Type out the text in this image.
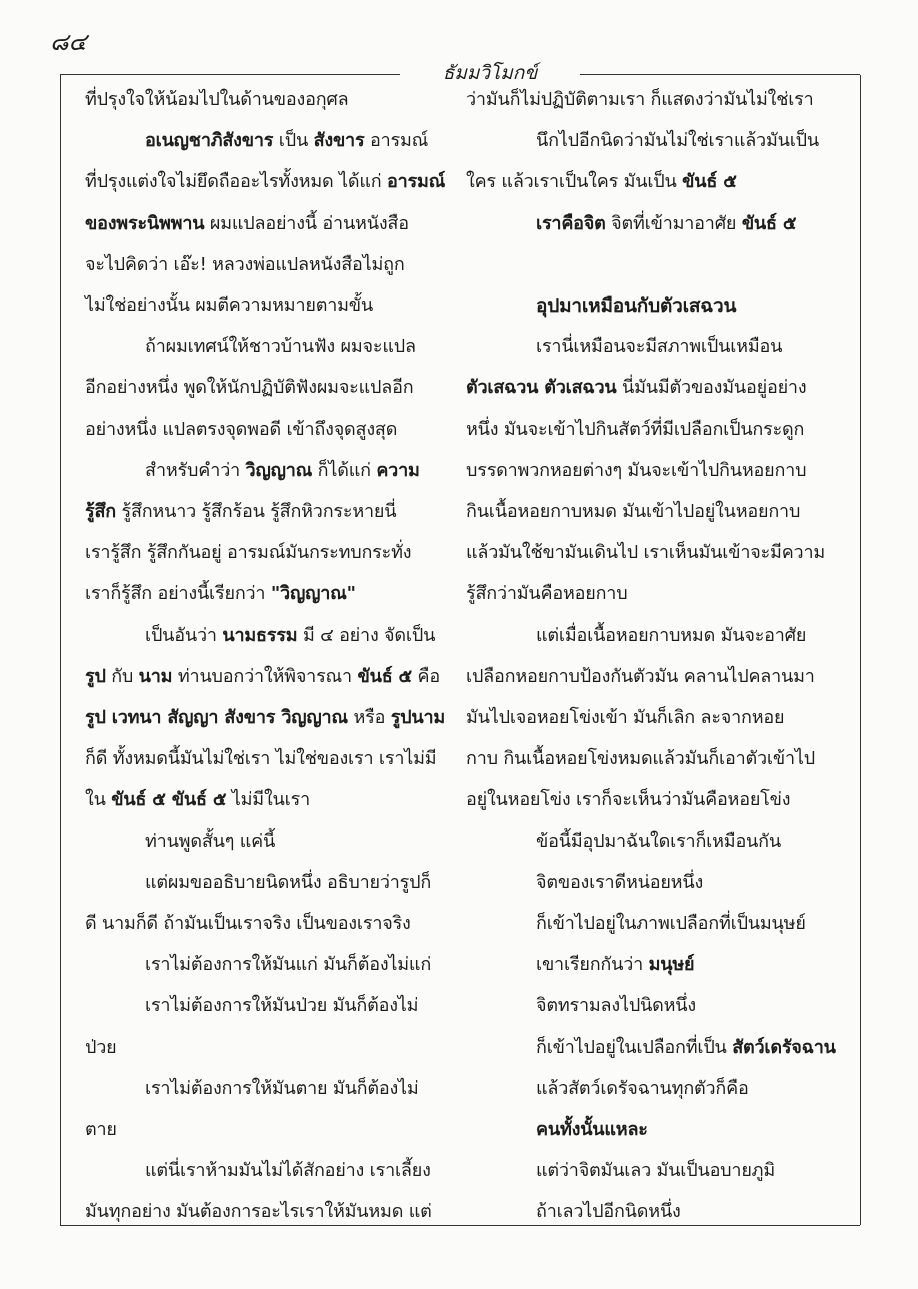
๘๔
ธัมมวิโมกข์
ที่ปรุงใจให้น้อมไปในด้านของอกุศล
อเนญชาภิสังขาร เป็น สังขาร อารมณ์
ที่ปรุงแต่งใจไม่ยึดถืออะไรทั้งหมด ได้แก่ อารมณ์
ของพระนิพพาน ผมแปลอย่างนี้ อ่านหนังสือ
จะไปคิดว่า เอ๊ะ! หลวงพ่อแปลหนังสือไม่ถูก
ไม่ใช่อย่างนั้น ผมตีความหมายตามขั้น
ถ้าผมเทศน์ให้ชาวบ้านฟัง ผมจะแปล
อีกอย่างหนึ่ง พูดให้นักปฏิบัติฟังผมจะแปลอีก
อย่างหนึ่ง แปลตรงจุดพอดี เข้าถึงจุดสูงสุด
สำหรับคำว่า วิญญาณ ก็ได้แก่ ความ
รู้สึก รู้สึกหนาว รู้สึกร้อน รู้สึกหิวกระหายนี่
เรารู้สึก รู้สึกกันอยู่ อารมณ์มันกระทบกระทั่ง
เราก็รู้สึก อย่างนี้เรียกว่า "วิญญาณ"
เป็นอันว่า นามธรรม มี ๔ อย่าง จัดเป็น
รูป กับ นาม ท่านบอกว่าให้พิจารณา ขันธ์ ๕ คือ
รูป เวทนา สัญญา สังขาร วิญญาณ หรือ รูปนาม
ก็ดี ทั้งหมดนี้มันไม่ใช่เรา ไม่ใช่ของเรา เราไม่มี
ใน ขันธ์ ๕ ขันธ์ ๕ ไม่มีในเรา
ท่านพูดสั้นๆ แค่นี้
แต่ผมขออธิบายนิดหนึ่ง อธิบายว่ารูปก็
ดี นามก็ดี ถ้ามันเป็นเราจริง เป็นของเราจริง
เราไม่ต้องการให้มันแก่ มันก็ต้องไม่แก่
เราไม่ต้องการให้มันป่วย มันก็ต้องไม่
ป่วย
เราไม่ต้องการให้มันตาย มันก็ต้องไม่
ตาย
แต่นี่เราห้ามมันไม่ได้สักอย่าง เราเลี้ยง
มันทุกอย่าง มันต้องการอะไรเราให้มันหมด แต่
ว่ามันก็ไม่ปฏิบัติตามเรา ก็แสดงว่ามันไม่ใช่เรา
นึกไปอีกนิดว่ามันไม่ใช่เราแล้วมันเป็น
ใคร แล้วเราเป็นใคร มันเป็น ขันธ์ ๕
เราคือจิต จิตที่เข้ามาอาศัย ขันธ์ ๕
อุปมาเหมือนกับตัวเสฉวน
เรานี่เหมือนจะมีสภาพเป็นเหมือน
ตัวเสฉวน ตัวเสฉวน นี่มันมีตัวของมันอยู่อย่าง
หนึ่ง มันจะเข้าไปกินสัตว์ที่มีเปลือกเป็นกระดูก
บรรดาพวกหอยต่างๆ มันจะเข้าไปกินหอยกาบ
กินเนื้อหอยกาบหมด มันเข้าไปอยู่ในหอยกาบ
แล้วมันใช้ขามันเดินไป เราเห็นมันเข้าจะมีความ
รู้สึกว่ามันคือหอยกาบ
แต่เมื่อเนื้อหอยกาบหมด มันจะอาศัย
เปลือกหอยกาบป้องกันตัวมัน คลานไปคลานมา
มันไปเจอหอยโข่งเข้า มันก็เลิก ละจากหอย
กาบ กินเนื้อหอยโข่งหมดแล้วมันก็เอาตัวเข้าไป
อยู่ในหอยโข่ง เราก็จะเห็นว่ามันคือหอยโข่ง
ข้อนี้มีอุปมาฉันใดเราก็เหมือนกัน
จิตของเราดีหน่อยหนึ่ง
ก็เข้าไปอยู่ในภาพเปลือกที่เป็นมนุษย์
เขาเรียกกันว่า มนุษย์
จิตทรามลงไปนิดหนึ่ง
ก็เข้าไปอยู่ในเปลือกที่เป็น สัตว์เดรัจฉาน
แล้วสัตว์เดรัจฉานทุกตัวก็คือ
คนทั้งนั้นแหละ
แต่ว่าจิตมันเลว มันเป็นอบายภูมิ
ถ้าเลวไปอีกนิดหนึ่ง
